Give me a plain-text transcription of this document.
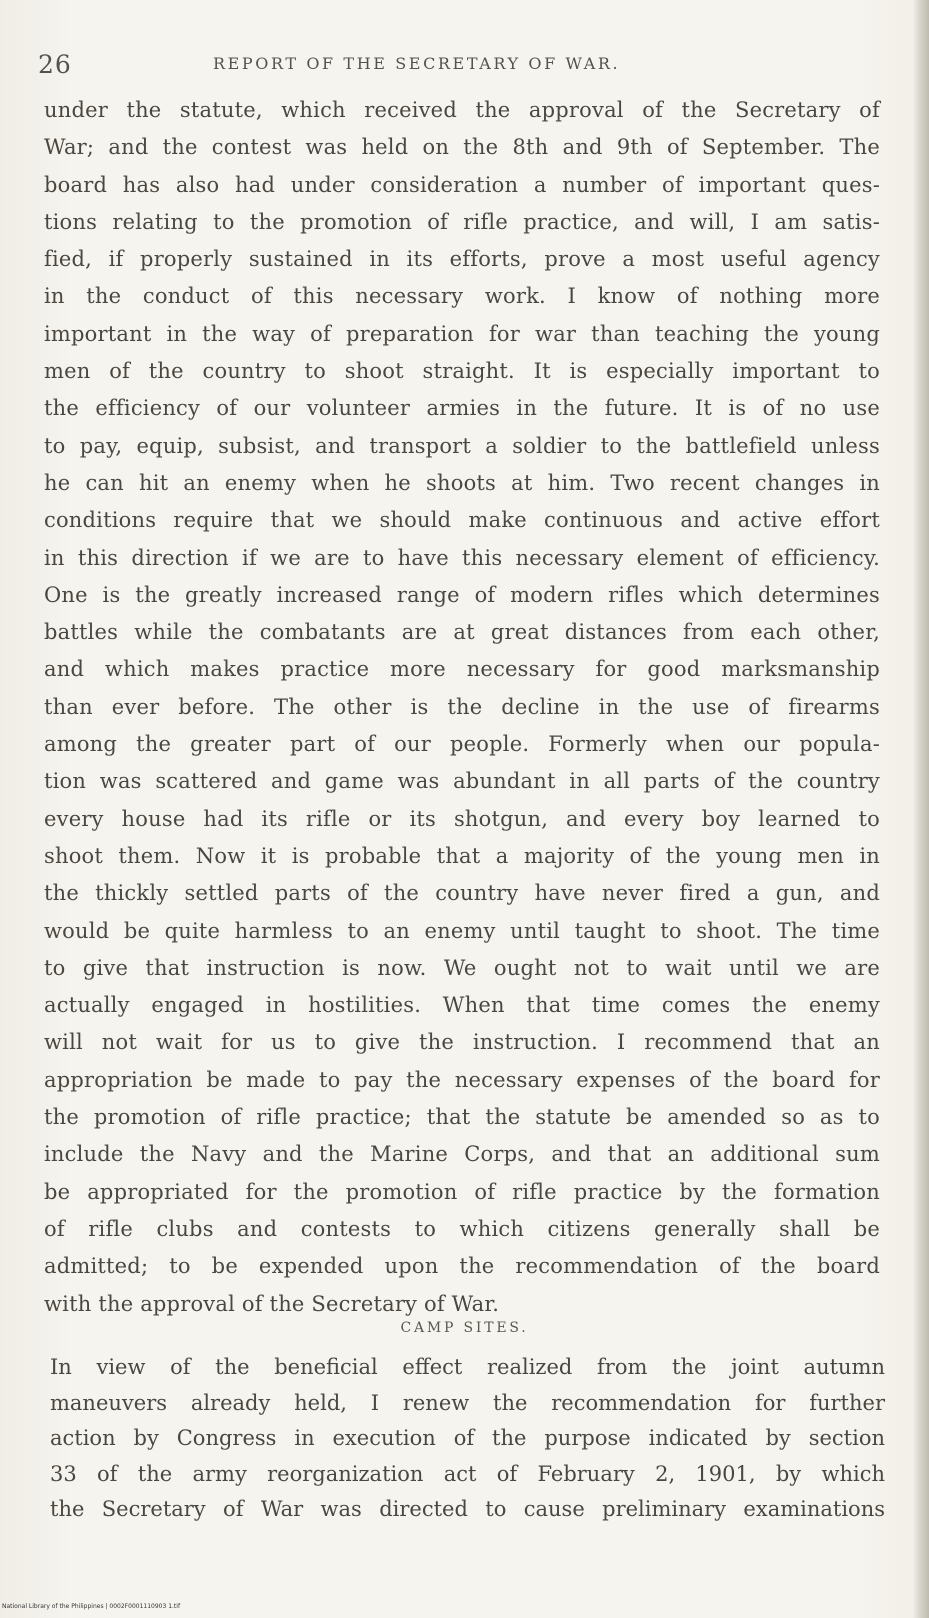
26	REPORT OF THE SECRETARY OF WAR.
under the statute, which received the approval of the Secretary of
War; and the contest was held on the 8th and 9th of September. The
board has also had under consideration a number of important ques-
tions relating to the promotion of rifle practice, and will, I am satis-
fied, if properly sustained in its efforts, prove a most useful agency
in the conduct of this necessary work. I know of nothing more
important in the way of preparation for war than teaching the young
men of the country to shoot straight. It is especially important to
the efficiency of our volunteer armies in the future. It is of no use
to pay, equip, subsist, and transport a soldier to the battlefield unless
he can hit an enemy when he shoots at him. Two recent changes in
conditions require that we should make continuous and active effort
in this direction if we are to have this necessary element of efficiency.
One is the greatly increased range of modern rifles which determines
battles while the combatants are at great distances from each other,
and which makes practice more necessary for good marksmanship
than ever before. The other is the decline in the use of firearms
among the greater part of our people. Formerly when our popula-
tion was scattered and game was abundant in all parts of the country
every house had its rifle or its shotgun, and every boy learned to
shoot them. Now it is probable that a majority of the young men in
the thickly settled parts of the country have never fired a gun, and
would be quite harmless to an enemy until taught to shoot. The time
to give that instruction is now. We ought not to wait until we are
actually engaged in hostilities. When that time comes the enemy
will not wait for us to give the instruction. I recommend that an
appropriation be made to pay the necessary expenses of the board for
the promotion of rifle practice; that the statute be amended so as to
include the Navy and the Marine Corps, and that an additional sum
be appropriated for the promotion of rifle practice by the formation
of rifle clubs and contests to which citizens generally shall be
admitted; to be expended upon the recommendation of the board
with the approval of the Secretary of War.
CAMP SITES.
In view of the beneficial effect realized from the joint autumn
maneuvers already held, I renew the recommendation for further
action by Congress in execution of the purpose indicated by section
33 of the army reorganization act of February 2, 1901, by which
the Secretary of War was directed to cause preliminary examinations
National Library of the Philippines | 0002F0001110903 1.tif
